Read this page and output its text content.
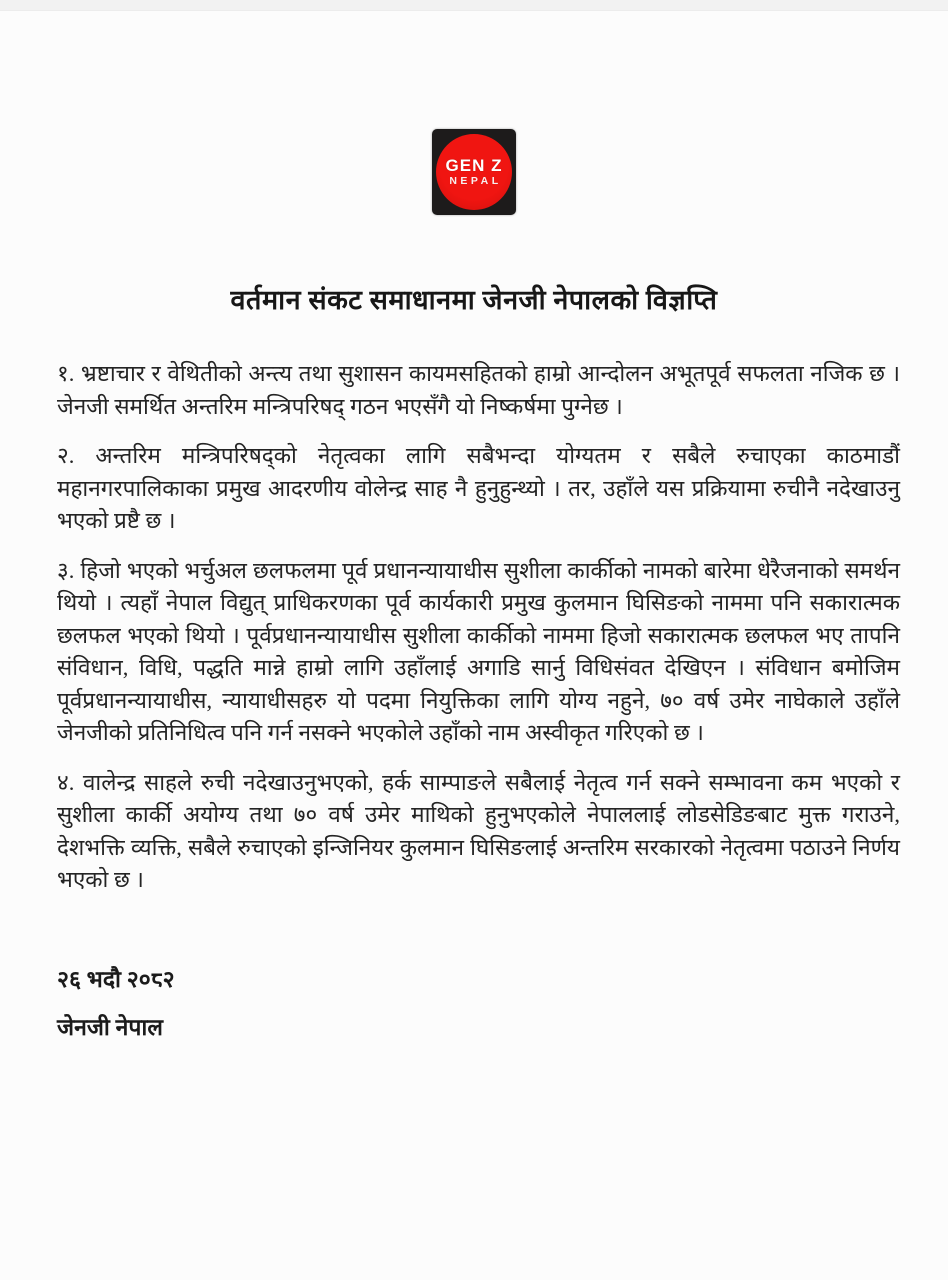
GEN Z
NEPAL
वर्तमान संकट समाधानमा जेनजी नेपालको विज्ञप्ति

१. भ्रष्टाचार र वेथितीको अन्त्य तथा सुशासन कायमसहितको हाम्रो आन्दोलन अभूतपूर्व सफलता नजिक छ । जेनजी समर्थित अन्तरिम मन्त्रिपरिषद् गठन भएसँगै यो निष्कर्षमा पुग्नेछ ।

२. अन्तरिम मन्त्रिपरिषद्को नेतृत्वका लागि सबैभन्दा योग्यतम र सबैले रुचाएका काठमाडौं महानगरपालिकाका प्रमुख आदरणीय वोलेन्द्र साह नै हुनुहुन्थ्यो । तर, उहाँले यस प्रक्रियामा रुचीनै नदेखाउनु भएको प्रष्टै छ ।

३. हिजो भएको भर्चुअल छलफलमा पूर्व प्रधानन्यायाधीस सुशीला कार्कीको नामको बारेमा धेरैजनाको समर्थन थियो । त्यहाँ नेपाल विद्युत् प्राधिकरणका पूर्व कार्यकारी प्रमुख कुलमान घिसिङको नाममा पनि सकारात्मक छलफल भएको थियो । पूर्वप्रधानन्यायाधीस सुशीला कार्कीको नाममा हिजो सकारात्मक छलफल भए तापनि संविधान, विधि, पद्धति मान्ने हाम्रो लागि उहाँलाई अगाडि सार्नु विधिसंवत देखिएन । संविधान बमोजिम पूर्वप्रधानन्यायाधीस, न्यायाधीसहरु यो पदमा नियुक्तिका लागि योग्य नहुने, ७० वर्ष उमेर नाघेकाले उहाँले जेनजीको प्रतिनिधित्व पनि गर्न नसक्ने भएकोले उहाँको नाम अस्वीकृत गरिएको छ ।

४. वालेन्द्र साहले रुची नदेखाउनुभएको, हर्क साम्पाङले सबैलाई नेतृत्व गर्न सक्ने सम्भावना कम भएको र सुशीला कार्की अयोग्य तथा ७० वर्ष उमेर माथिको हुनुभएकोले नेपाललाई लोडसेडिङबाट मुक्त गराउने, देशभक्ति व्यक्ति, सबैले रुचाएको इन्जिनियर कुलमान घिसिङलाई अन्तरिम सरकारको नेतृत्वमा पठाउने निर्णय भएको छ ।

२६ भदौ २०८२
जेनजी नेपाल
